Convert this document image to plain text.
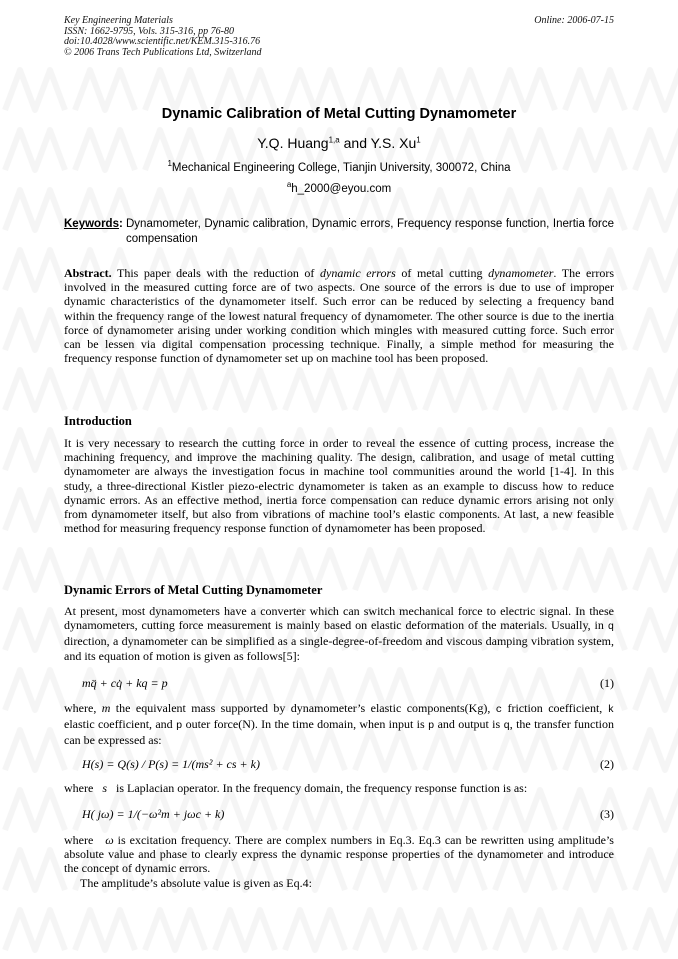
Key Engineering Materials
ISSN: 1662-9795, Vols. 315-316, pp 76-80
doi:10.4028/www.scientific.net/KEM.315-316.76
© 2006 Trans Tech Publications Ltd, Switzerland
Online: 2006-07-15
Dynamic Calibration of Metal Cutting Dynamometer
Y.Q. Huang$^{1,a}$ and Y.S. Xu$^1$
$^1$Mechanical Engineering College, Tianjin University, 300072, China
$^a$h_2000@eyou.com
Keywords: Dynamometer, Dynamic calibration, Dynamic errors, Frequency response function, Inertia force compensation
Abstract. This paper deals with the reduction of dynamic errors of metal cutting dynamometer. The errors involved in the measured cutting force are of two aspects. One source of the errors is due to use of improper dynamic characteristics of the dynamometer itself. Such error can be reduced by selecting a frequency band within the frequency range of the lowest natural frequency of dynamometer. The other source is due to the inertia force of dynamometer arising under working condition which mingles with measured cutting force. Such error can be lessen via digital compensation processing technique. Finally, a simple method for measuring the frequency response function of dynamometer set up on machine tool has been proposed.
Introduction
It is very necessary to research the cutting force in order to reveal the essence of cutting process, increase the machining frequency, and improve the machining quality. The design, calibration, and usage of metal cutting dynamometer are always the investigation focus in machine tool communities around the world [1-4]. In this study, a three-directional Kistler piezo-electric dynamometer is taken as an example to discuss how to reduce dynamic errors. As an effective method, inertia force compensation can reduce dynamic errors arising not only from dynamometer itself, but also from vibrations of machine tool’s elastic components. At last, a new feasible method for measuring frequency response function of dynamometer has been proposed.
Dynamic Errors of Metal Cutting Dynamometer
At present, most dynamometers have a converter which can switch mechanical force to electric signal. In these dynamometers, cutting force measurement is mainly based on elastic deformation of the materials. Usually, in q direction, a dynamometer can be simplified as a single-degree-of-freedom and viscous damping vibration system, and its equation of motion is given as follows[5]:
mq̈ + cq̇ + kq = p	(1)
where, m the equivalent mass supported by dynamometer’s elastic components(Kg), c friction coefficient, k elastic coefficient, and p outer force(N). In the time domain, when input is p and output is q, the transfer function can be expressed as:
H(s) = Q(s) / P(s) = 1/(ms² + cs + k)	(2)
where   s   is Laplacian operator. In the frequency domain, the frequency response function is as:
H( jω) = 1/(−ω²m + jωc + k)	(3)
where   ω is excitation frequency. There are complex numbers in Eq.3. Eq.3 can be rewritten using amplitude’s absolute value and phase to clearly express the dynamic response properties of the dynamometer and introduce the concept of dynamic errors.
The amplitude’s absolute value is given as Eq.4:
